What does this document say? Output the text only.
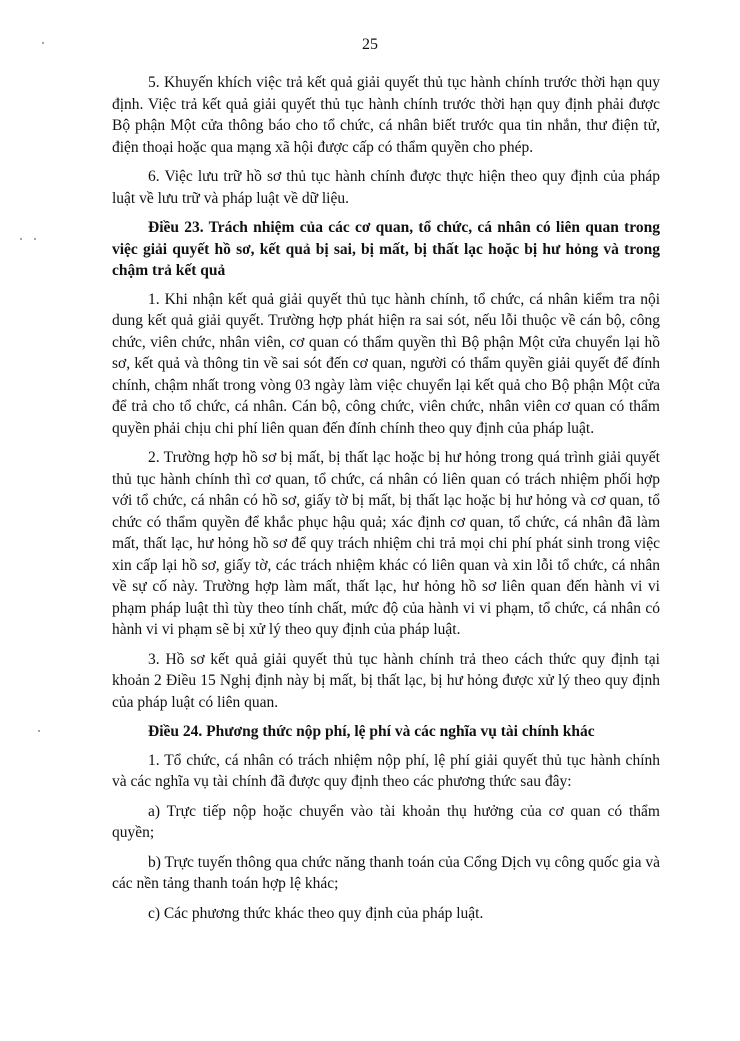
25

5. Khuyến khích việc trả kết quả giải quyết thủ tục hành chính trước thời hạn quy định. Việc trả kết quả giải quyết thủ tục hành chính trước thời hạn quy định phải được Bộ phận Một cửa thông báo cho tổ chức, cá nhân biết trước qua tin nhắn, thư điện tử, điện thoại hoặc qua mạng xã hội được cấp có thẩm quyền cho phép.

6. Việc lưu trữ hồ sơ thủ tục hành chính được thực hiện theo quy định của pháp luật về lưu trữ và pháp luật về dữ liệu.

Điều 23. Trách nhiệm của các cơ quan, tổ chức, cá nhân có liên quan trong việc giải quyết hồ sơ, kết quả bị sai, bị mất, bị thất lạc hoặc bị hư hỏng và trong chậm trả kết quả

1. Khi nhận kết quả giải quyết thủ tục hành chính, tổ chức, cá nhân kiểm tra nội dung kết quả giải quyết. Trường hợp phát hiện ra sai sót, nếu lỗi thuộc về cán bộ, công chức, viên chức, nhân viên, cơ quan có thẩm quyền thì Bộ phận Một cửa chuyển lại hồ sơ, kết quả và thông tin về sai sót đến cơ quan, người có thẩm quyền giải quyết để đính chính, chậm nhất trong vòng 03 ngày làm việc chuyển lại kết quả cho Bộ phận Một cửa để trả cho tổ chức, cá nhân. Cán bộ, công chức, viên chức, nhân viên cơ quan có thẩm quyền phải chịu chi phí liên quan đến đính chính theo quy định của pháp luật.

2. Trường hợp hồ sơ bị mất, bị thất lạc hoặc bị hư hỏng trong quá trình giải quyết thủ tục hành chính thì cơ quan, tổ chức, cá nhân có liên quan có trách nhiệm phối hợp với tổ chức, cá nhân có hồ sơ, giấy tờ bị mất, bị thất lạc hoặc bị hư hỏng và cơ quan, tổ chức có thẩm quyền để khắc phục hậu quả; xác định cơ quan, tổ chức, cá nhân đã làm mất, thất lạc, hư hỏng hồ sơ để quy trách nhiệm chi trả mọi chi phí phát sinh trong việc xin cấp lại hồ sơ, giấy tờ, các trách nhiệm khác có liên quan và xin lỗi tổ chức, cá nhân về sự cố này. Trường hợp làm mất, thất lạc, hư hỏng hồ sơ liên quan đến hành vi vi phạm pháp luật thì tùy theo tính chất, mức độ của hành vi vi phạm, tổ chức, cá nhân có hành vi vi phạm sẽ bị xử lý theo quy định của pháp luật.

3. Hồ sơ kết quả giải quyết thủ tục hành chính trả theo cách thức quy định tại khoản 2 Điều 15 Nghị định này bị mất, bị thất lạc, bị hư hỏng được xử lý theo quy định của pháp luật có liên quan.

Điều 24. Phương thức nộp phí, lệ phí và các nghĩa vụ tài chính khác

1. Tổ chức, cá nhân có trách nhiệm nộp phí, lệ phí giải quyết thủ tục hành chính và các nghĩa vụ tài chính đã được quy định theo các phương thức sau đây:

a) Trực tiếp nộp hoặc chuyển vào tài khoản thụ hưởng của cơ quan có thẩm quyền;

b) Trực tuyến thông qua chức năng thanh toán của Cổng Dịch vụ công quốc gia và các nền tảng thanh toán hợp lệ khác;

c) Các phương thức khác theo quy định của pháp luật.
